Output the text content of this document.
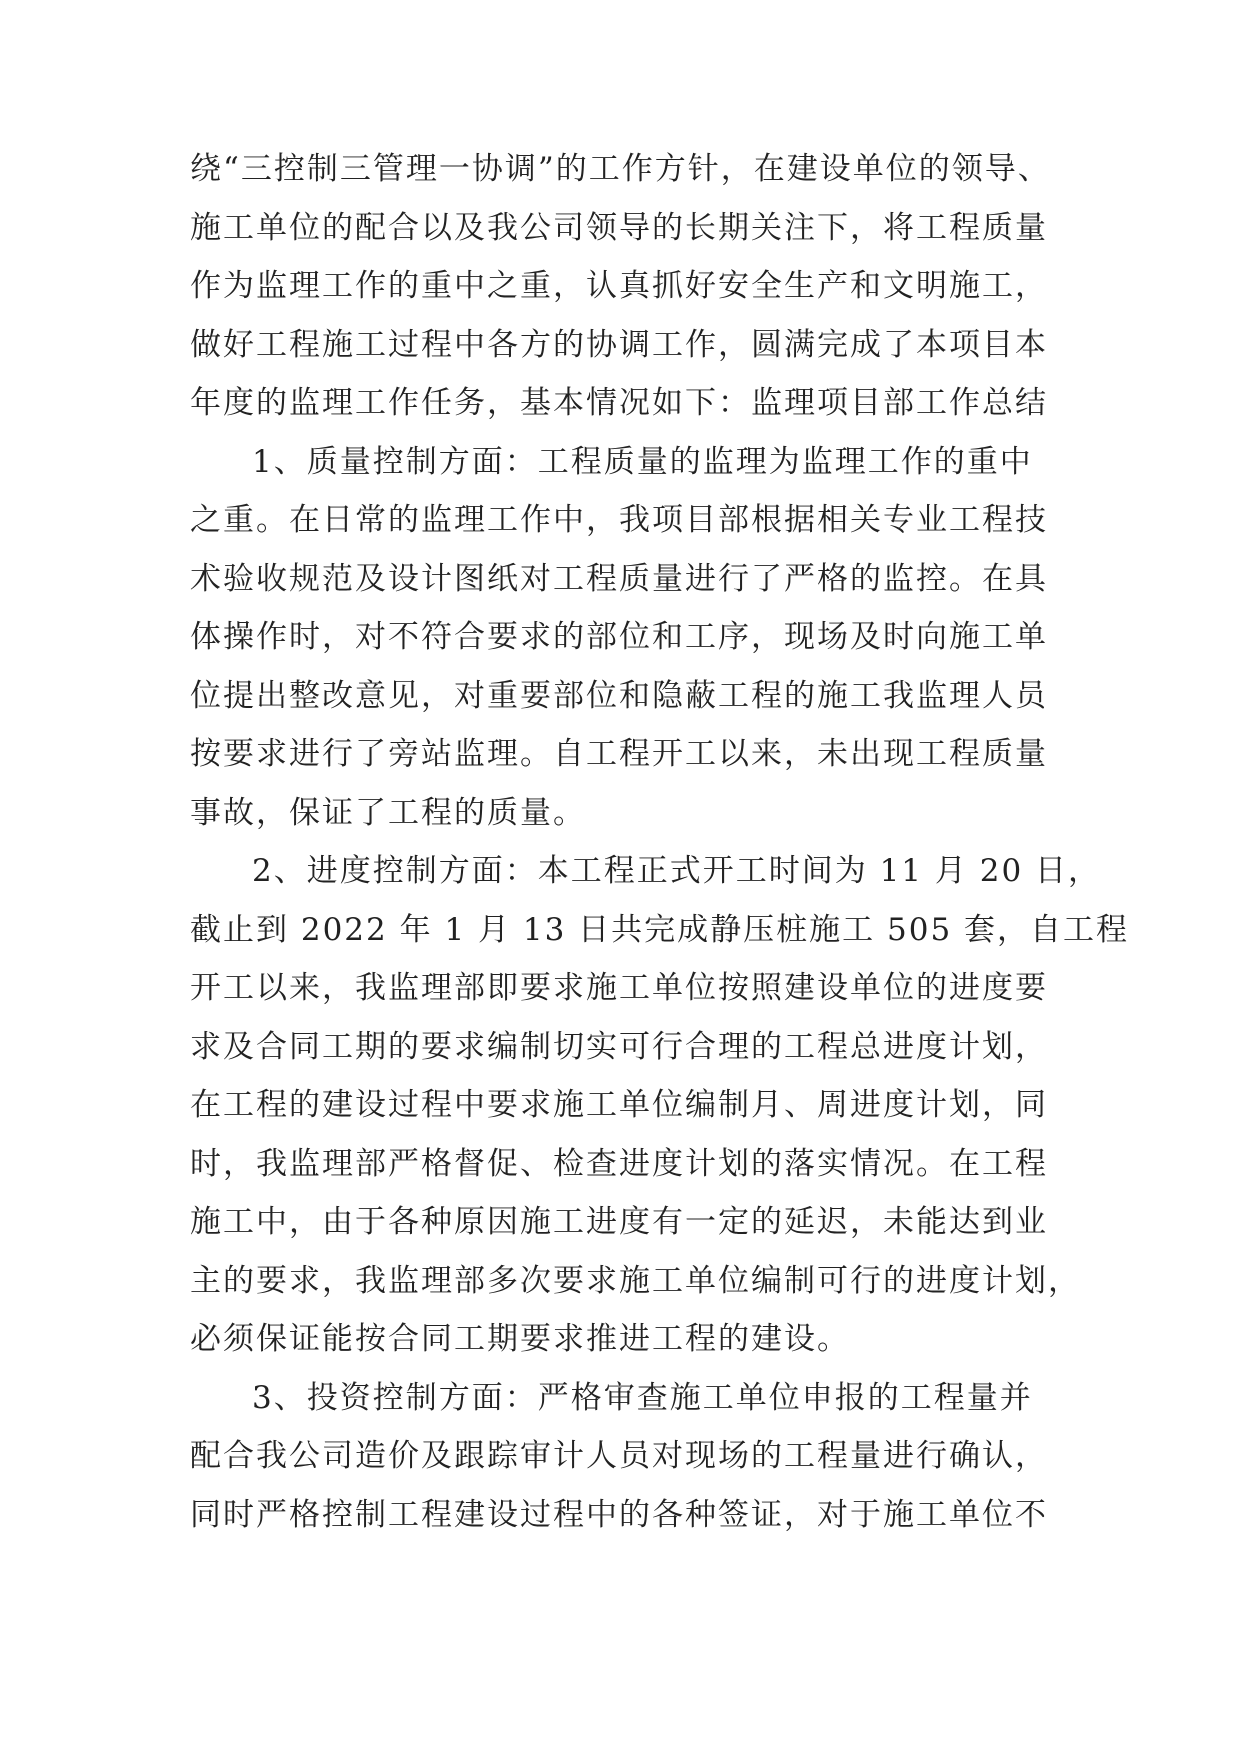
绕“三控制三管理一协调”的工作方针，在建设单位的领导、
施工单位的配合以及我公司领导的长期关注下，将工程质量
作为监理工作的重中之重，认真抓好安全生产和文明施工，
做好工程施工过程中各方的协调工作，圆满完成了本项目本
年度的监理工作任务，基本情况如下：监理项目部工作总结
1、质量控制方面：工程质量的监理为监理工作的重中
之重。在日常的监理工作中，我项目部根据相关专业工程技
术验收规范及设计图纸对工程质量进行了严格的监控。在具
体操作时，对不符合要求的部位和工序，现场及时向施工单
位提出整改意见，对重要部位和隐蔽工程的施工我监理人员
按要求进行了旁站监理。自工程开工以来，未出现工程质量
事故，保证了工程的质量。
2、进度控制方面：本工程正式开工时间为 11 月 20 日，
截止到 2022 年 1 月 13 日共完成静压桩施工 505 套，自工程
开工以来，我监理部即要求施工单位按照建设单位的进度要
求及合同工期的要求编制切实可行合理的工程总进度计划，
在工程的建设过程中要求施工单位编制月、周进度计划，同
时，我监理部严格督促、检查进度计划的落实情况。在工程
施工中，由于各种原因施工进度有一定的延迟，未能达到业
主的要求，我监理部多次要求施工单位编制可行的进度计划，
必须保证能按合同工期要求推进工程的建设。
3、投资控制方面：严格审查施工单位申报的工程量并
配合我公司造价及跟踪审计人员对现场的工程量进行确认，
同时严格控制工程建设过程中的各种签证，对于施工单位不
